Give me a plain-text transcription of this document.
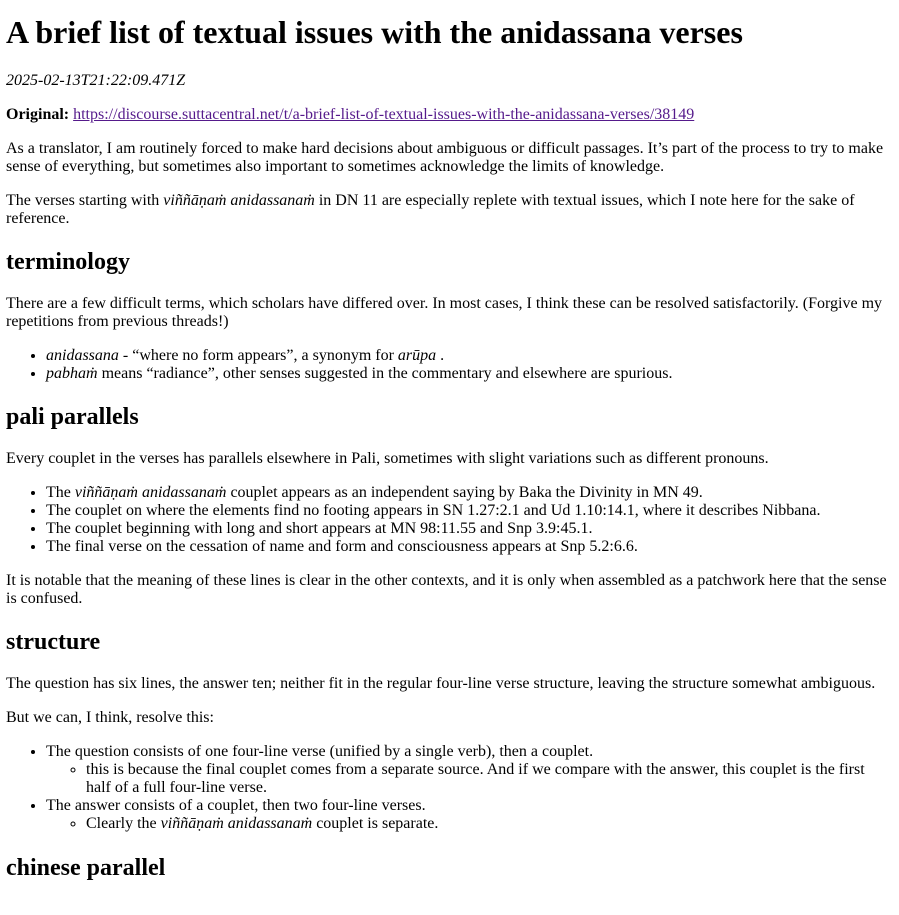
A brief list of textual issues with the anidassana verses

2025-02-13T21:22:09.471Z

Original: https://discourse.suttacentral.net/t/a-brief-list-of-textual-issues-with-the-anidassana-verses/38149

As a translator, I am routinely forced to make hard decisions about ambiguous or difficult passages. It’s part of the process to try to make sense of everything, but sometimes also important to sometimes acknowledge the limits of knowledge.

The verses starting with viññāṇaṁ anidassanaṁ in DN 11 are especially replete with textual issues, which I note here for the sake of reference.

terminology

There are a few difficult terms, which scholars have differed over. In most cases, I think these can be resolved satisfactorily. (Forgive my repetitions from previous threads!)

• anidassana - “where no form appears”, a synonym for arūpa .
• pabhaṁ means “radiance”, other senses suggested in the commentary and elsewhere are spurious.
pali parallels

Every couplet in the verses has parallels elsewhere in Pali, sometimes with slight variations such as different pronouns.

• The viññāṇaṁ anidassanaṁ couplet appears as an independent saying by Baka the Divinity in MN 49.
• The couplet on where the elements find no footing appears in SN 1.27:2.1 and Ud 1.10:14.1, where it describes Nibbana.
• The couplet beginning with long and short appears at MN 98:11.55 and Snp 3.9:45.1.
• The final verse on the cessation of name and form and consciousness appears at Snp 5.2:6.6.

It is notable that the meaning of these lines is clear in the other contexts, and it is only when assembled as a patchwork here that the sense is confused.

structure

The question has six lines, the answer ten; neither fit in the regular four-line verse structure, leaving the structure somewhat ambiguous.

But we can, I think, resolve this:

• The question consists of one four-line verse (unified by a single verb), then a couplet.
◦ this is because the final couplet comes from a separate source. And if we compare with the answer, this couplet is the first half of a full four-line verse.
• The answer consists of a couplet, then two four-line verses.
◦ Clearly the viññāṇaṁ anidassanaṁ couplet is separate.
chinese parallel
